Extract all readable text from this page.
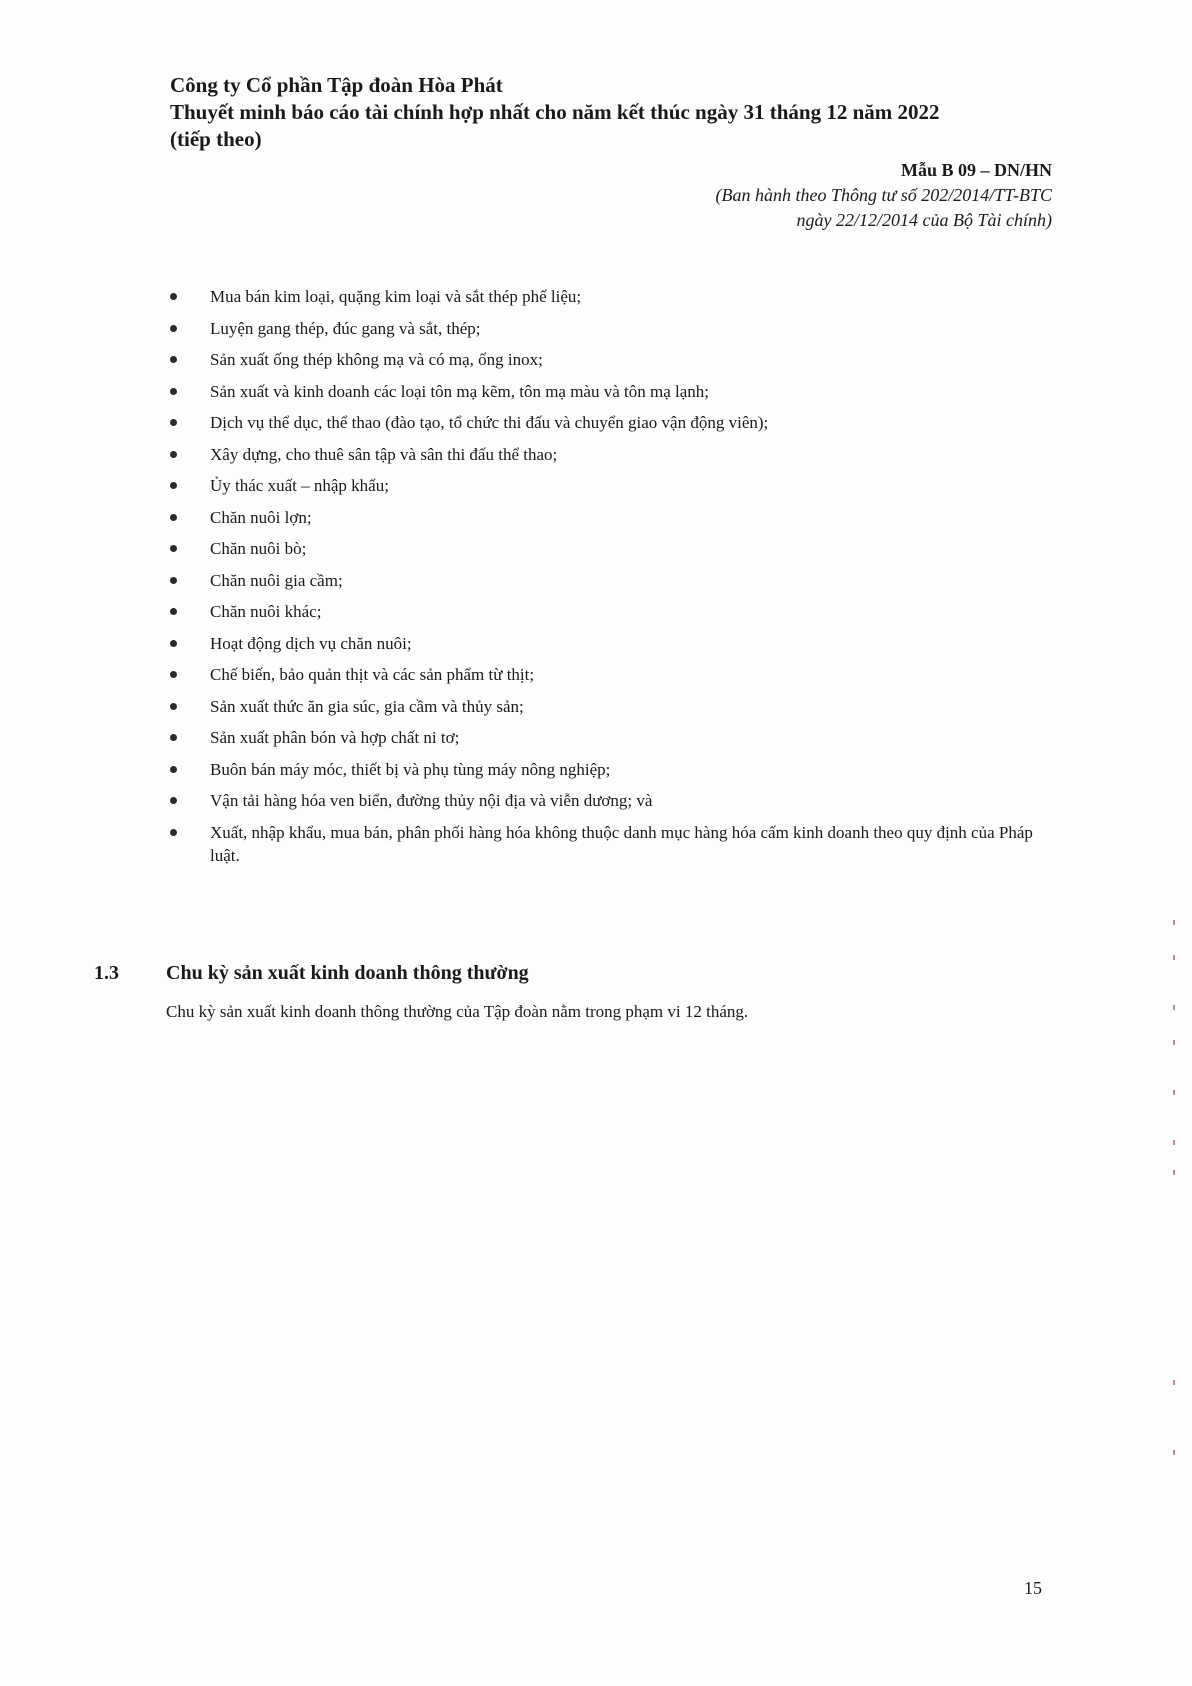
Công ty Cổ phần Tập đoàn Hòa Phát
Thuyết minh báo cáo tài chính hợp nhất cho năm kết thúc ngày 31 tháng 12 năm 2022
(tiếp theo)
Mẫu B 09 – DN/HN
(Ban hành theo Thông tư số 202/2014/TT-BTC
ngày 22/12/2014 của Bộ Tài chính)
Mua bán kim loại, quặng kim loại và sắt thép phế liệu;
Luyện gang thép, đúc gang và sắt, thép;
Sản xuất ống thép không mạ và có mạ, ống inox;
Sản xuất và kinh doanh các loại tôn mạ kẽm, tôn mạ màu và tôn mạ lạnh;
Dịch vụ thể dục, thể thao (đào tạo, tổ chức thi đấu và chuyển giao vận động viên);
Xây dựng, cho thuê sân tập và sân thi đấu thể thao;
Ủy thác xuất – nhập khẩu;
Chăn nuôi lợn;
Chăn nuôi bò;
Chăn nuôi gia cầm;
Chăn nuôi khác;
Hoạt động dịch vụ chăn nuôi;
Chế biến, bảo quản thịt và các sản phẩm từ thịt;
Sản xuất thức ăn gia súc, gia cầm và thủy sản;
Sản xuất phân bón và hợp chất ni tơ;
Buôn bán máy móc, thiết bị và phụ tùng máy nông nghiệp;
Vận tải hàng hóa ven biển, đường thủy nội địa và viễn dương; và
Xuất, nhập khẩu, mua bán, phân phối hàng hóa không thuộc danh mục hàng hóa cấm kinh doanh theo quy định của Pháp luật.
1.3 Chu kỳ sản xuất kinh doanh thông thường
Chu kỳ sản xuất kinh doanh thông thường của Tập đoàn nằm trong phạm vi 12 tháng.
15
